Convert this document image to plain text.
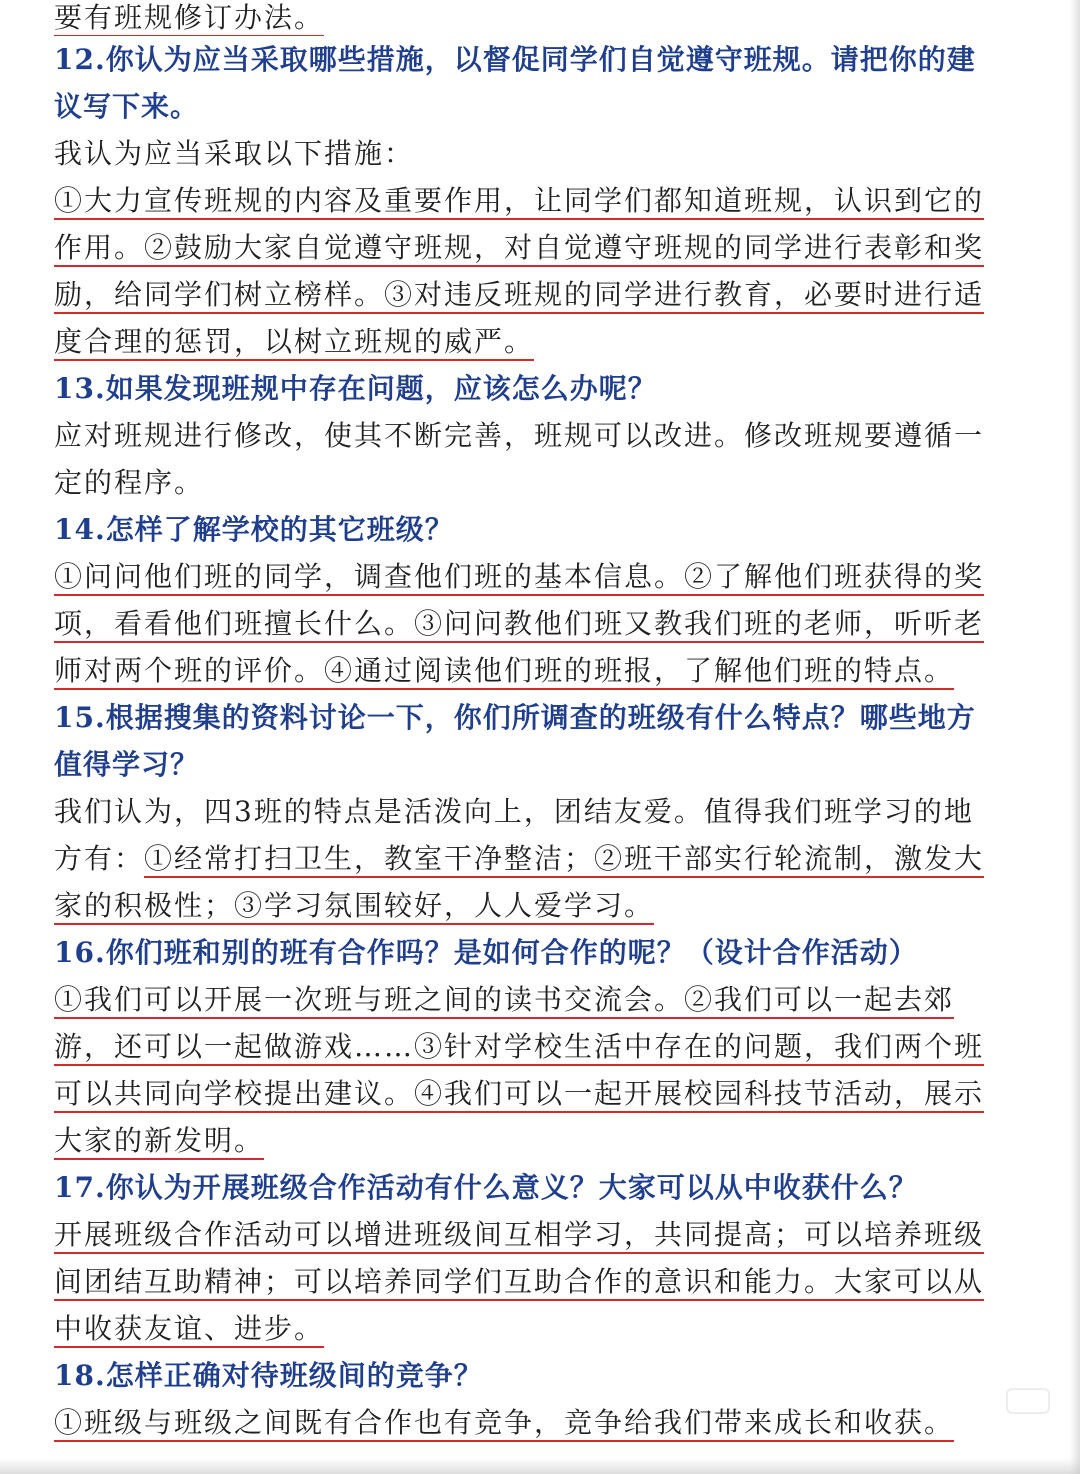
要有班规修订办法。
12.你认为应当采取哪些措施，以督促同学们自觉遵守班规。请把你的建
议写下来。
我认为应当采取以下措施：
①大力宣传班规的内容及重要作用，让同学们都知道班规，认识到它的
作用。②鼓励大家自觉遵守班规，对自觉遵守班规的同学进行表彰和奖
励，给同学们树立榜样。③对违反班规的同学进行教育，必要时进行适
度合理的惩罚，以树立班规的威严。
13.如果发现班规中存在问题，应该怎么办呢？
应对班规进行修改，使其不断完善，班规可以改进。修改班规要遵循一
定的程序。
14.怎样了解学校的其它班级？
①问问他们班的同学，调查他们班的基本信息。②了解他们班获得的奖
项，看看他们班擅长什么。③问问教他们班又教我们班的老师，听听老
师对两个班的评价。④通过阅读他们班的班报，了解他们班的特点。
15.根据搜集的资料讨论一下，你们所调查的班级有什么特点？哪些地方
值得学习？
我们认为，四3班的特点是活泼向上，团结友爱。值得我们班学习的地
方有：①经常打扫卫生，教室干净整洁；②班干部实行轮流制，激发大
家的积极性；③学习氛围较好，人人爱学习。
16.你们班和别的班有合作吗？是如何合作的呢？（设计合作活动）
①我们可以开展一次班与班之间的读书交流会。②我们可以一起去郊
游，还可以一起做游戏……③针对学校生活中存在的问题，我们两个班
可以共同向学校提出建议。④我们可以一起开展校园科技节活动，展示
大家的新发明。
17.你认为开展班级合作活动有什么意义？大家可以从中收获什么？
开展班级合作活动可以增进班级间互相学习，共同提高；可以培养班级
间团结互助精神；可以培养同学们互助合作的意识和能力。大家可以从
中收获友谊、进步。
18.怎样正确对待班级间的竞争？
①班级与班级之间既有合作也有竞争，竞争给我们带来成长和收获。
